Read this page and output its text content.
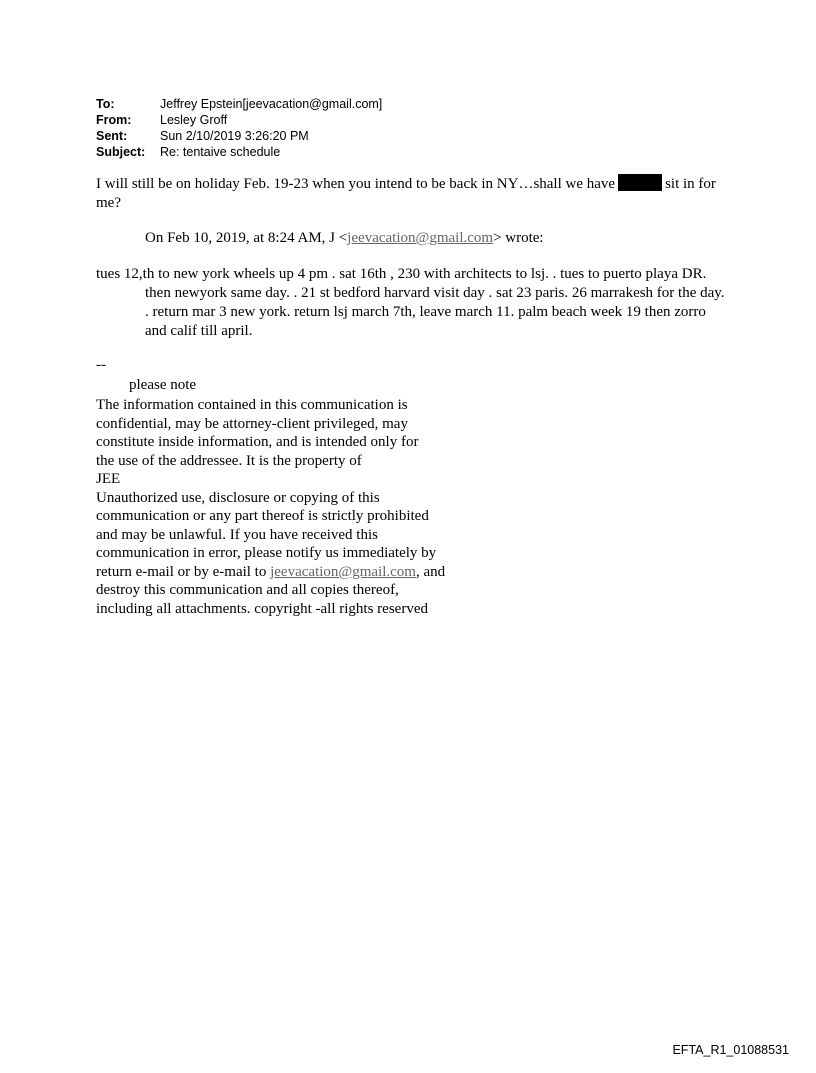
To:	Jeffrey Epstein[jeevacation@gmail.com]
From:	Lesley Groff
Sent:	Sun 2/10/2019 3:26:20 PM
Subject:	Re: tentaive schedule
I will still be on holiday Feb. 19-23 when you intend to be back in NY…shall we have	sit in for me?
On Feb 10, 2019, at 8:24 AM, J <jeevacation@gmail.com> wrote:
tues 12,th to new york wheels up 4 pm . sat 16th , 230 with architects to lsj. . tues to puerto playa DR. then newyork same day. . 21 st bedford harvard visit day . sat 23 paris. 26 marrakesh for the day. . return mar 3 new york. return lsj march 7th, leave march 11. palm beach week 19 then zorro and calif till april.
--
please note
The information contained in this communication is
confidential, may be attorney-client privileged, may
constitute inside information, and is intended only for
the use of the addressee. It is the property of
JEE
Unauthorized use, disclosure or copying of this
communication or any part thereof is strictly prohibited
and may be unlawful. If you have received this
communication in error, please notify us immediately by
return e-mail or by e-mail to jeevacation@gmail.com, and
destroy this communication and all copies thereof,
including all attachments. copyright -all rights reserved
EFTA_R1_01088531
